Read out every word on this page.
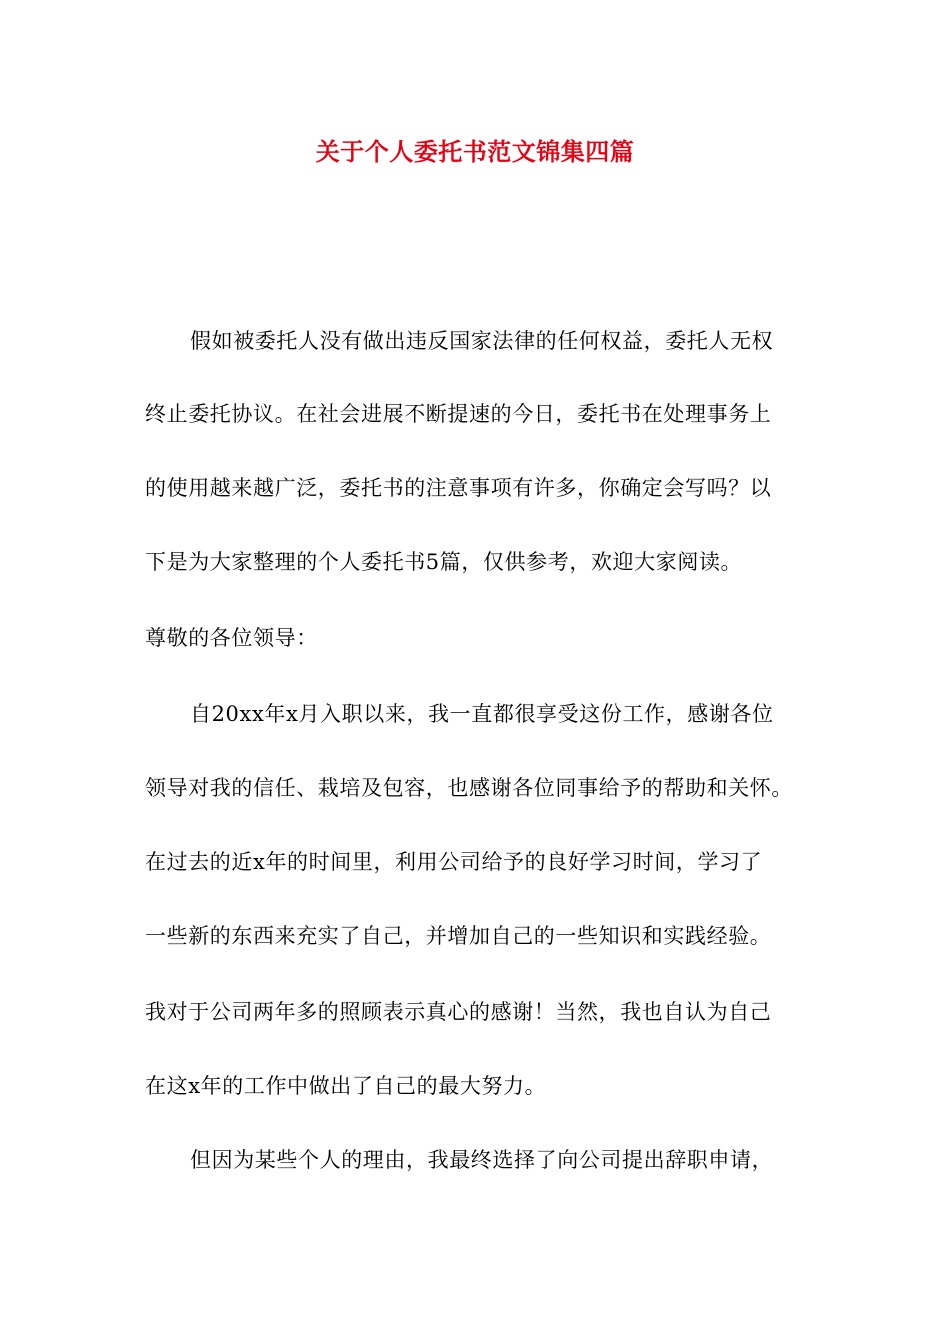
关于个人委托书范文锦集四篇
假如被委托人没有做出违反国家法律的任何权益，委托人无权
终止委托协议。在社会进展不断提速的今日，委托书在处理事务上
的使用越来越广泛，委托书的注意事项有许多，你确定会写吗？以
下是为大家整理的个人委托书5篇，仅供参考，欢迎大家阅读。
尊敬的各位领导：
自20xx年x月入职以来，我一直都很享受这份工作，感谢各位
领导对我的信任、栽培及包容，也感谢各位同事给予的帮助和关怀。
在过去的近x年的时间里，利用公司给予的良好学习时间，学习了
一些新的东西来充实了自己，并增加自己的一些知识和实践经验。
我对于公司两年多的照顾表示真心的感谢！当然，我也自认为自己
在这x年的工作中做出了自己的最大努力。
但因为某些个人的理由，我最终选择了向公司提出辞职申请，
